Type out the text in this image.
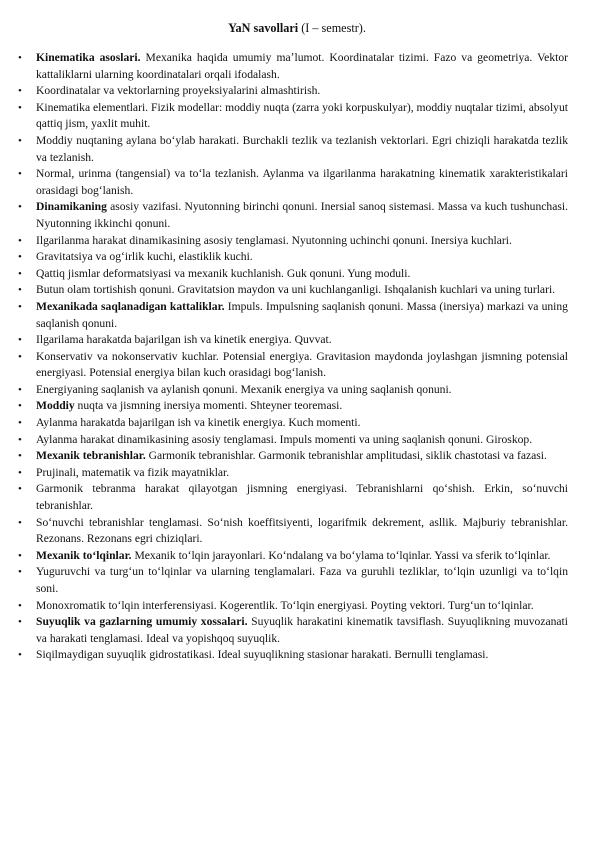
YaN savollari (I – semestr).
• Kinematika asoslari. Mexanika haqida umumiy maʼlumot. Koordinatalar tizimi. Fazo va geometriya. Vektor kattaliklarni ularning koordinatalari orqali ifodalash.
• Koordinatalar va vektorlarning proyeksiyalarini almashtirish.
• Kinematika elementlari. Fizik modellar: moddiy nuqta (zarra yoki korpuskulyar), moddiy nuqtalar tizimi, absolyut qattiq jism, yaxlit muhit.
• Moddiy nuqtaning aylana bo‘ylab harakati. Burchakli tezlik va tezlanish vektorlari. Egri chiziqli harakatda tezlik va tezlanish.
• Normal, urinma (tangensial) va to‘la tezlanish. Aylanma va ilgarilanma harakatning kinematik xarakteristikalari orasidagi bog‘lanish.
• Dinamikaning asosiy vazifasi. Nyutonning birinchi qonuni. Inersial sanoq sistemasi. Massa va kuch tushunchasi. Nyutonning ikkinchi qonuni.
• Ilgarilanma harakat dinamikasining asosiy tenglamasi. Nyutonning uchinchi qonuni. Inersiya kuchlari.
• Gravitatsiya va og‘irlik kuchi, elastiklik kuchi.
• Qattiq jismlar deformatsiyasi va mexanik kuchlanish. Guk qonuni. Yung moduli.
• Butun olam tortishish qonuni. Gravitatsion maydon va uni kuchlanganligi. Ishqalanish kuchlari va uning turlari.
• Mexanikada saqlanadigan kattaliklar. Impuls. Impulsning saqlanish qonuni. Massa (inersiya) markazi va uning saqlanish qonuni.
• Ilgarilama harakatda bajarilgan ish va kinetik energiya. Quvvat.
• Konservativ va nokonservativ kuchlar. Potensial energiya. Gravitasion maydonda joylashgan jismning potensial energiyasi. Potensial energiya bilan kuch orasidagi bog‘lanish.
• Energiyaning saqlanish va aylanish qonuni. Mexanik energiya va uning saqlanish qonuni.
• Moddiy nuqta va jismning inersiya momenti. Shteyner teoremasi.
• Aylanma harakatda bajarilgan ish va kinetik energiya. Kuch momenti.
• Aylanma harakat dinamikasining asosiy tenglamasi. Impuls momenti va uning saqlanish qonuni. Giroskop.
• Mexanik tebranishlar. Garmonik tebranishlar. Garmonik tebranishlar amplitudasi, siklik chastotasi va fazasi.
• Prujinali, matematik va fizik mayatniklar.
• Garmonik tebranma harakat qilayotgan jismning energiyasi. Tebranishlarni qo‘shish. Erkin, so‘nuvchi tebranishlar.
• So‘nuvchi tebranishlar tenglamasi. So‘nish koeffitsiyenti, logarifmik dekrement, asllik. Majburiy tebranishlar. Rezonans. Rezonans egri chiziqlari.
• Mexanik to‘lqinlar. Mexanik to‘lqin jarayonlari. Ko‘ndalang va bo‘ylama to‘lqinlar. Yassi va sferik to‘lqinlar.
• Yuguruvchi va turg‘un to‘lqinlar va ularning tenglamalari. Faza va guruhli tezliklar, to‘lqin uzunligi va to‘lqin soni.
• Monoxromatik to‘lqin interferensiyasi. Kogerentlik. To‘lqin energiyasi. Poyting vektori. Turg‘un to‘lqinlar.
• Suyuqlik va gazlarning umumiy xossalari. Suyuqlik harakatini kinematik tavsiflash. Suyuqlikning muvozanati va harakati tenglamasi. Ideal va yopishqoq suyuqlik.
• Siqilmaydigan suyuqlik gidrostatikasi. Ideal suyuqlikning stasionar harakati. Bernulli tenglamasi.
